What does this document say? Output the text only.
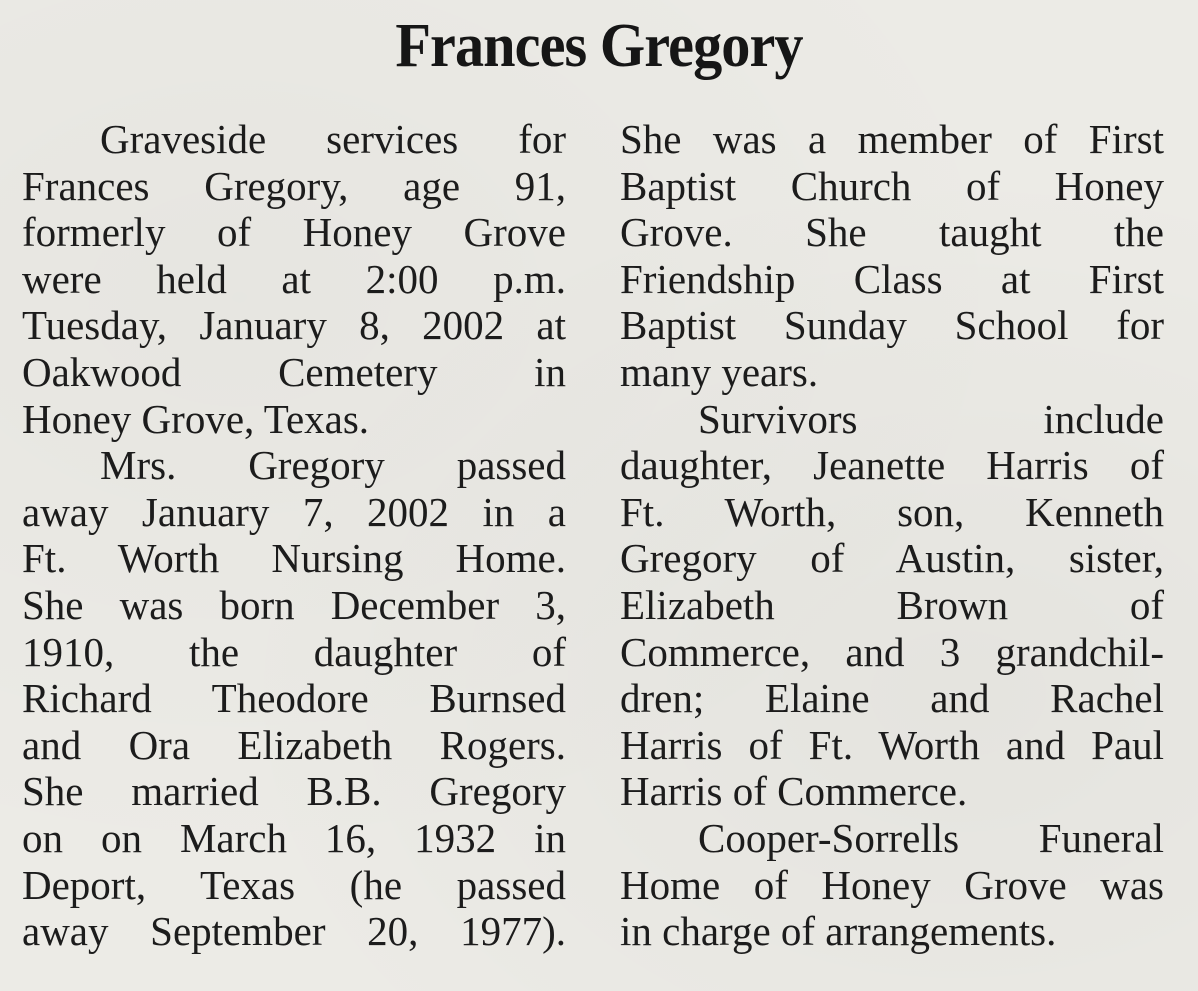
Frances Gregory
Graveside services for
Frances Gregory, age 91,
formerly of Honey Grove
were held at 2:00 p.m.
Tuesday, January 8, 2002 at
Oakwood Cemetery in
Honey Grove, Texas.
Mrs. Gregory passed
away January 7, 2002 in a
Ft. Worth Nursing Home.
She was born December 3,
1910, the daughter of
Richard Theodore Burnsed
and Ora Elizabeth Rogers.
She married B.B. Gregory
on on March 16, 1932 in
Deport, Texas (he passed
away September 20, 1977).
She was a member of First
Baptist Church of Honey
Grove. She taught the
Friendship Class at First
Baptist Sunday School for
many years.
Survivors include
daughter, Jeanette Harris of
Ft. Worth, son, Kenneth
Gregory of Austin, sister,
Elizabeth Brown of
Commerce, and 3 grandchil-
dren; Elaine and Rachel
Harris of Ft. Worth and Paul
Harris of Commerce.
Cooper-Sorrells Funeral
Home of Honey Grove was
in charge of arrangements.
